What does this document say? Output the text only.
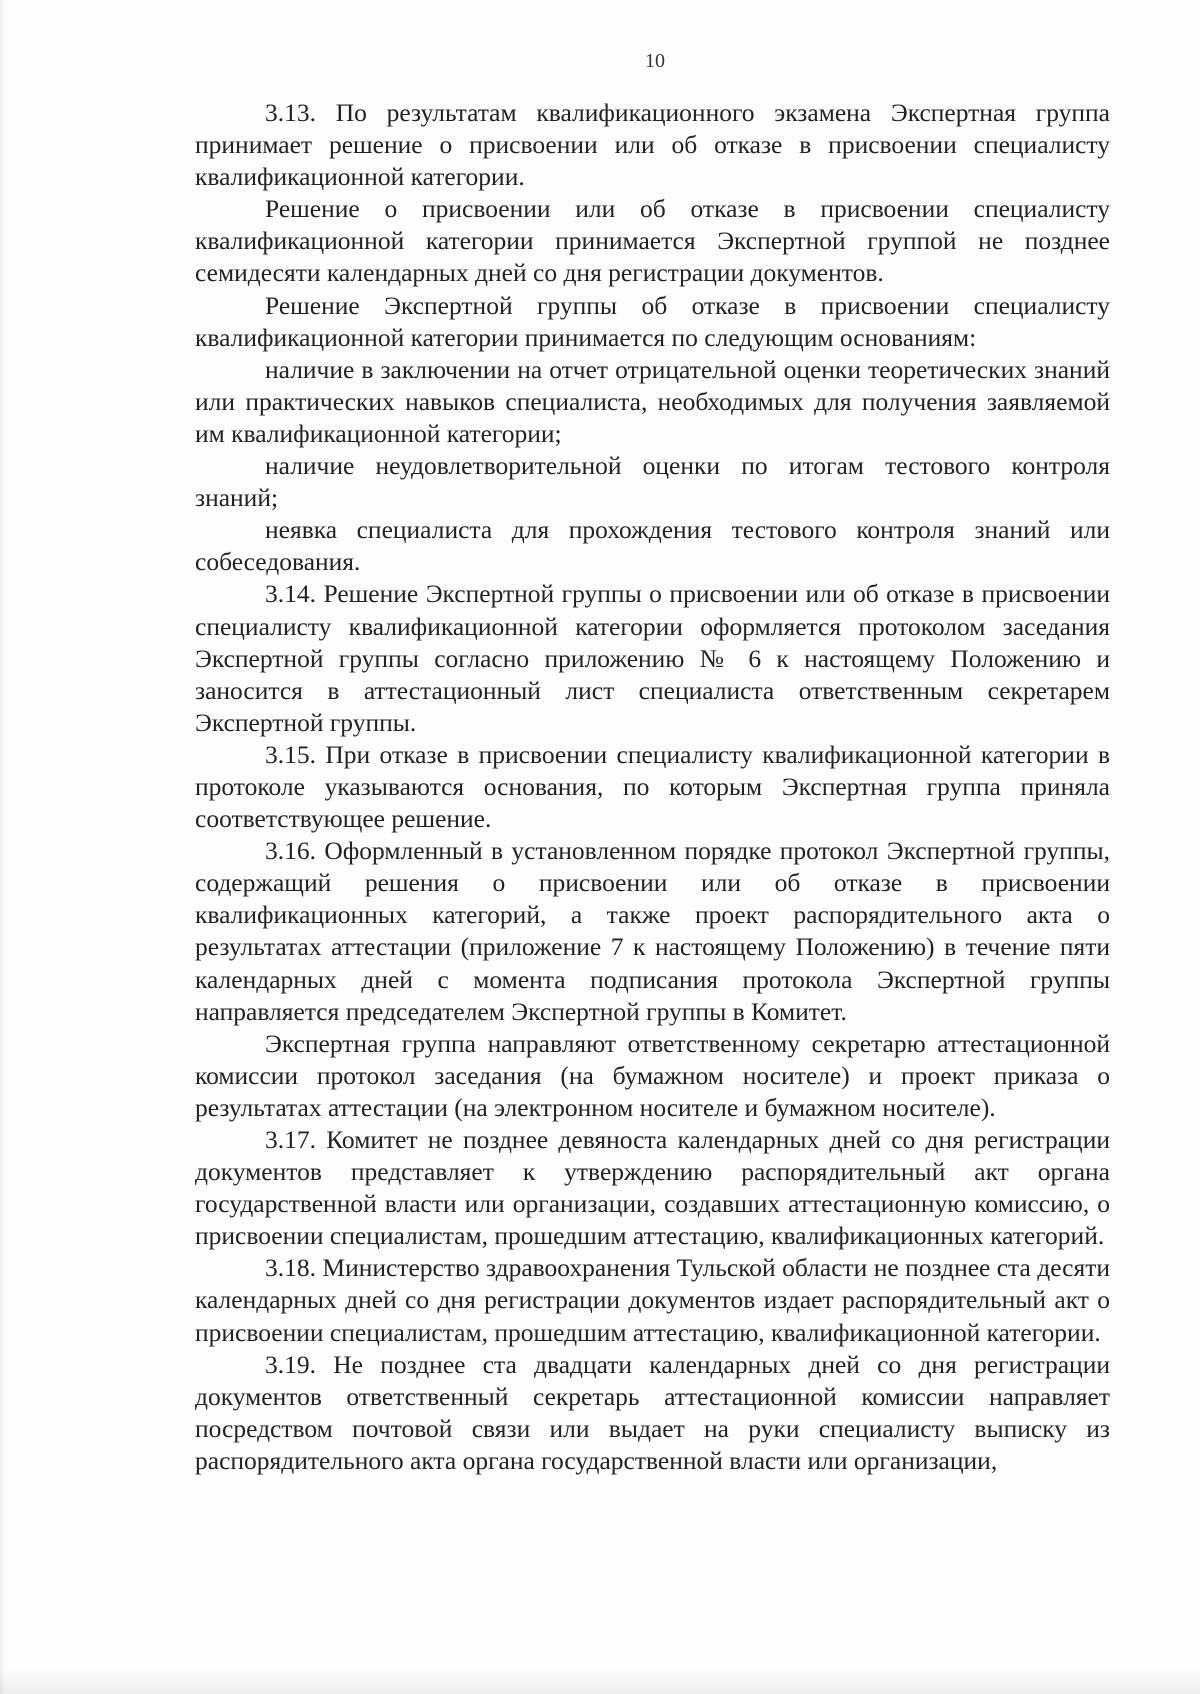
10

3.13. По результатам квалификационного экзамена Экспертная группа принимает решение о присвоении или об отказе в присвоении специалисту квалификационной категории.

Решение о присвоении или об отказе в присвоении специалисту квалификационной категории принимается Экспертной группой не позднее семидесяти календарных дней со дня регистрации документов.

Решение Экспертной группы об отказе в присвоении специалисту квалификационной категории принимается по следующим основаниям:

наличие в заключении на отчет отрицательной оценки теоретических знаний или практических навыков специалиста, необходимых для получения заявляемой им квалификационной категории;

наличие неудовлетворительной оценки по итогам тестового контроля знаний;

неявка специалиста для прохождения тестового контроля знаний или собеседования.

3.14. Решение Экспертной группы о присвоении или об отказе в присвоении специалисту квалификационной категории оформляется протоколом заседания Экспертной группы согласно приложению № 6 к настоящему Положению и заносится в аттестационный лист специалиста ответственным секретарем Экспертной группы.

3.15. При отказе в присвоении специалисту квалификационной категории в протоколе указываются основания, по которым Экспертная группа приняла соответствующее решение.

3.16. Оформленный в установленном порядке протокол Экспертной группы, содержащий решения о присвоении или об отказе в присвоении квалификационных категорий, а также проект распорядительного акта о результатах аттестации (приложение 7 к настоящему Положению) в течение пяти календарных дней с момента подписания протокола Экспертной группы направляется председателем Экспертной группы в Комитет.

Экспертная группа направляют ответственному секретарю аттестационной комиссии протокол заседания (на бумажном носителе) и проект приказа о результатах аттестации (на электронном носителе и бумажном носителе).

3.17. Комитет не позднее девяноста календарных дней со дня регистрации документов представляет к утверждению распорядительный акт органа государственной власти или организации, создавших аттестационную комиссию, о присвоении специалистам, прошедшим аттестацию, квалификационных категорий.

3.18. Министерство здравоохранения Тульской области не позднее ста десяти календарных дней со дня регистрации документов издает распорядительный акт о присвоении специалистам, прошедшим аттестацию, квалификационной категории.

3.19. Не позднее ста двадцати календарных дней со дня регистрации документов ответственный секретарь аттестационной комиссии направляет посредством почтовой связи или выдает на руки специалисту выписку из распорядительного акта органа государственной власти или организации,
